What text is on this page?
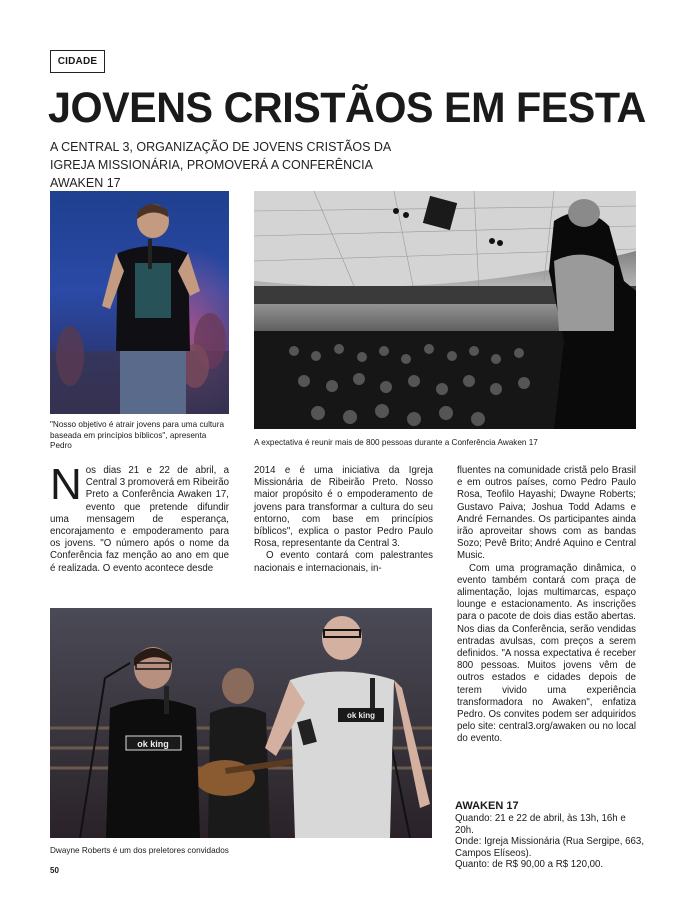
CIDADE
JOVENS CRISTÃOS EM FESTA
A CENTRAL 3, ORGANIZAÇÃO DE JOVENS CRISTÃOS DA IGREJA MISSIONÁRIA, PROMOVERÁ A CONFERÊNCIA AWAKEN 17
"Nosso objetivo é atrair jovens para uma cultura baseada em princípios bíblicos", apresenta Pedro	A expectativa é reunir mais de 800 pessoas durante a Conferência Awaken 17

Nos dias 21 e 22 de abril, a Central 3 promoverá em Ribeirão Preto a Conferência Awaken 17, evento que pretende difundir uma mensagem de esperança, encorajamento e empoderamento para os jovens. "O número após o nome da Conferência faz menção ao ano em que é realizada. O evento acontece desde

2014 e é uma iniciativa da Igreja Missionária de Ribeirão Preto. Nosso maior propósito é o empoderamento de jovens para transformar a cultura do seu entorno, com base em princípios bíblicos", explica o pastor Pedro Paulo Rosa, representante da Central 3.

O evento contará com palestrantes nacionais e internacionais, in-

fluentes na comunidade cristã pelo Brasil e em outros países, como Pedro Paulo Rosa, Teofilo Hayashi; Dwayne Roberts; Gustavo Paiva; Joshua Todd Adams e André Fernandes. Os participantes ainda irão aproveitar shows com as bandas Sozo; Pevê Brito; André Aquino e Central Music.

Com uma programação dinâmica, o evento também contará com praça de alimentação, lojas multimarcas, espaço lounge e estacionamento. As inscrições para o pacote de dois dias estão abertas. Nos dias da Conferência, serão vendidas entradas avulsas, com preços a serem definidos. "A nossa expectativa é receber 800 pessoas. Muitos jovens vêm de outros estados e cidades depois de terem vivido uma experiência transformadora no Awaken", enfatiza Pedro. Os convites podem ser adquiridos pelo site: central3.org/awaken ou no local do evento.

ok king
ok king
Dwayne Roberts é um dos preletores convidados
AWAKEN 17
Quando: 21 e 22 de abril, às 13h, 16h e 20h.
Onde: Igreja Missionária (Rua Sergipe, 663, Campos Elíseos).
Quanto: de R$ 90,00 a R$ 120,00.
50
